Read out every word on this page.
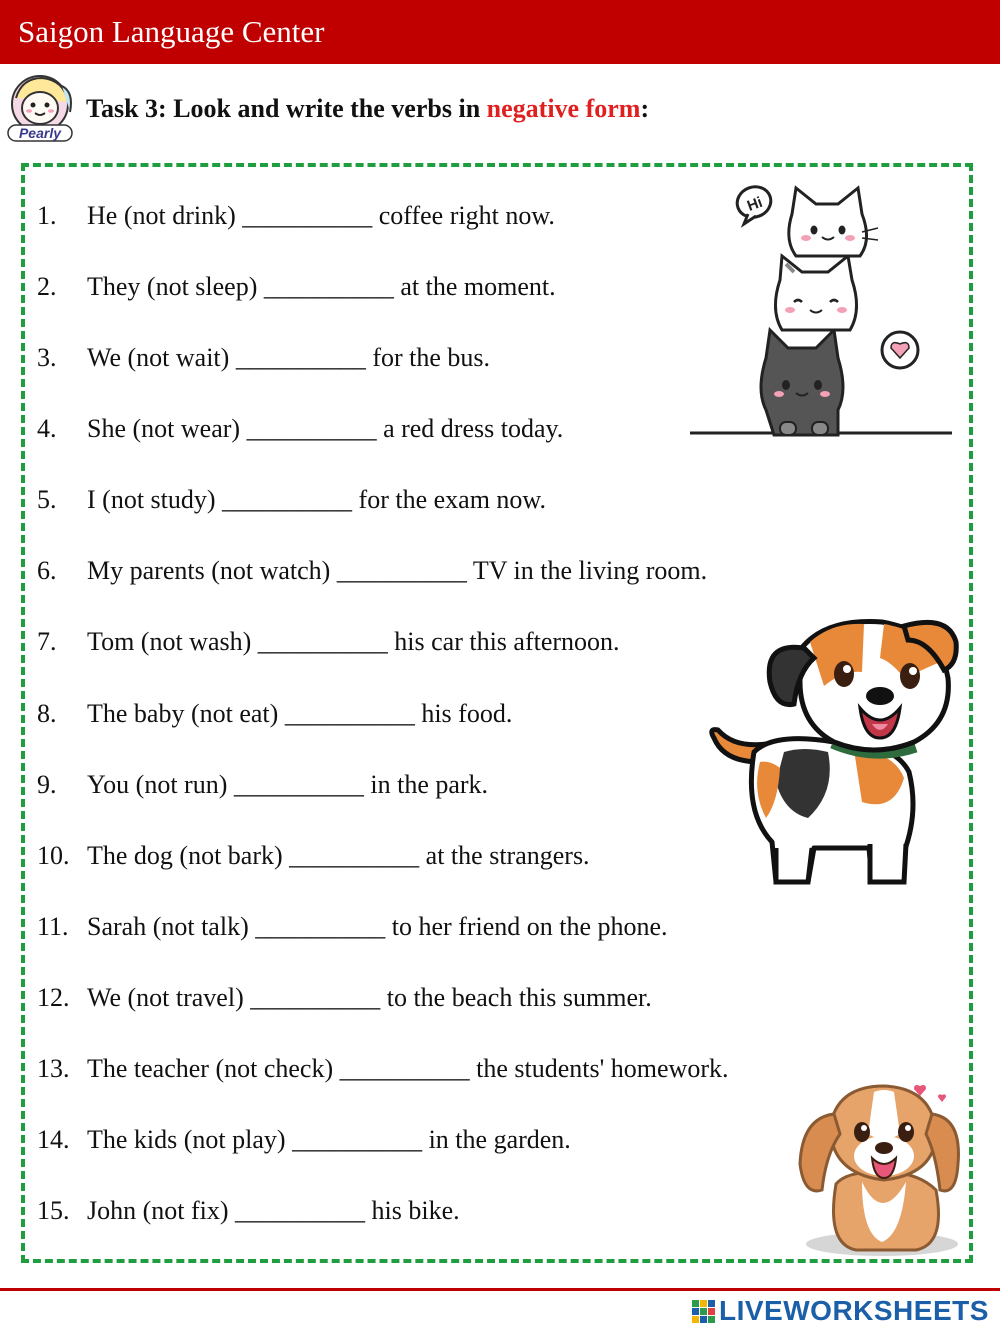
Saigon Language Center
Pearly
Task 3: Look and write the verbs in negative form:
1. He (not drink) __________ coffee right now.
2. They (not sleep) __________ at the moment.
3. We (not wait) __________ for the bus.
4. She (not wear) __________ a red dress today.
5. I (not study) __________ for the exam now.
6. My parents (not watch) __________ TV in the living room.
7. Tom (not wash) __________ his car this afternoon.
8. The baby (not eat) __________ his food.
9. You (not run) __________ in the park.
10. The dog (not bark) __________ at the strangers.
11. Sarah (not talk) __________ to her friend on the phone.
12. We (not travel) __________ to the beach this summer.
13. The teacher (not check) __________ the students' homework.
14. The kids (not play) __________ in the garden.
15. John (not fix) __________ his bike.
Hi
LIVEWORKSHEETS
